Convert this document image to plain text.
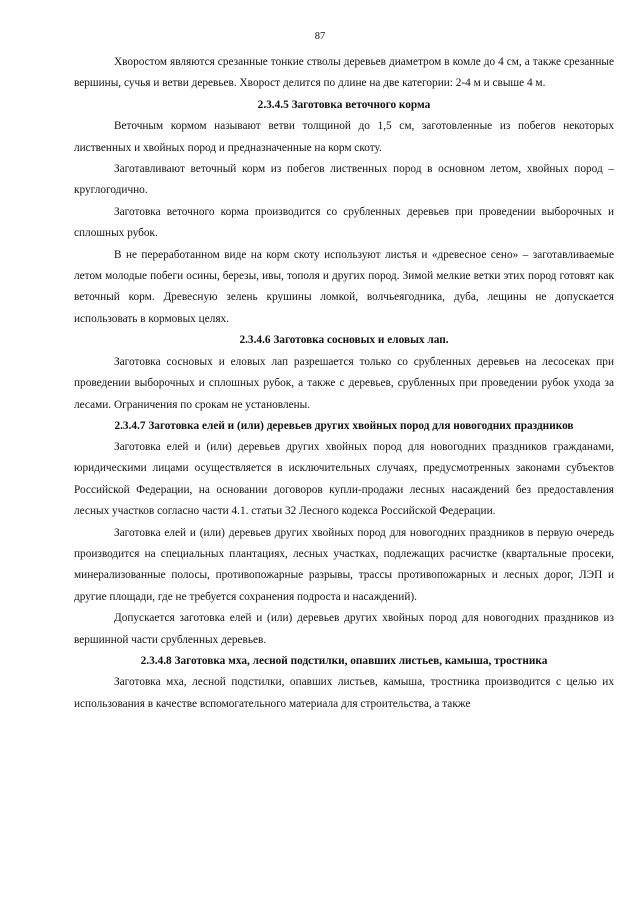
87

Хворостом являются срезанные тонкие стволы деревьев диаметром в комле до 4 см, а также срезанные вершины, сучья и ветви деревьев. Хворост делится по длине на две категории: 2-4 м и свыше 4 м.

2.3.4.5 Заготовка веточного корма

Веточным кормом называют ветви толщиной до 1,5 см, заготовленные из побегов некоторых лиственных и хвойных пород и предназначенные на корм скоту.

Заготавливают веточный корм из побегов лиственных пород в основном летом, хвойных пород – круглогодично.

Заготовка веточного корма производится со срубленных деревьев при проведении выборочных и сплошных рубок.

В не переработанном виде на корм скоту используют листья и «древесное сено» – заготавливаемые летом молодые побеги осины, березы, ивы, тополя и других пород. Зимой мелкие ветки этих пород готовят как веточный корм. Древесную зелень крушины ломкой, волчьеягодника, дуба, лещины не допускается использовать в кормовых целях.

2.3.4.6 Заготовка сосновых и еловых лап.

Заготовка сосновых и еловых лап разрешается только со срубленных деревьев на лесосеках при проведении выборочных и сплошных рубок, а также с деревьев, срубленных при проведении рубок ухода за лесами. Ограничения по срокам не установлены.

2.3.4.7 Заготовка елей и (или) деревьев других хвойных пород для новогодних праздников

Заготовка елей и (или) деревьев других хвойных пород для новогодних праздников гражданами, юридическими лицами осуществляется в исключительных случаях, предусмотренных законами субъектов Российской Федерации, на основании договоров купли-продажи лесных насаждений без предоставления лесных участков согласно части 4.1. статьи 32 Лесного кодекса Российской Федерации.

Заготовка елей и (или) деревьев других хвойных пород для новогодних праздников в первую очередь производится на специальных плантациях, лесных участках, подлежащих расчистке (квартальные просеки, минерализованные полосы, противопожарные разрывы, трассы противопожарных и лесных дорог, ЛЭП и другие площади, где не требуется сохранения подроста и насаждений).

Допускается заготовка елей и (или) деревьев других хвойных пород для новогодних праздников из вершинной части срубленных деревьев.

2.3.4.8 Заготовка мха, лесной подстилки, опавших листьев, камыша, тростника

Заготовка мха, лесной подстилки, опавших листьев, камыша, тростника производится с целью их использования в качестве вспомогательного материала для строительства, а также
